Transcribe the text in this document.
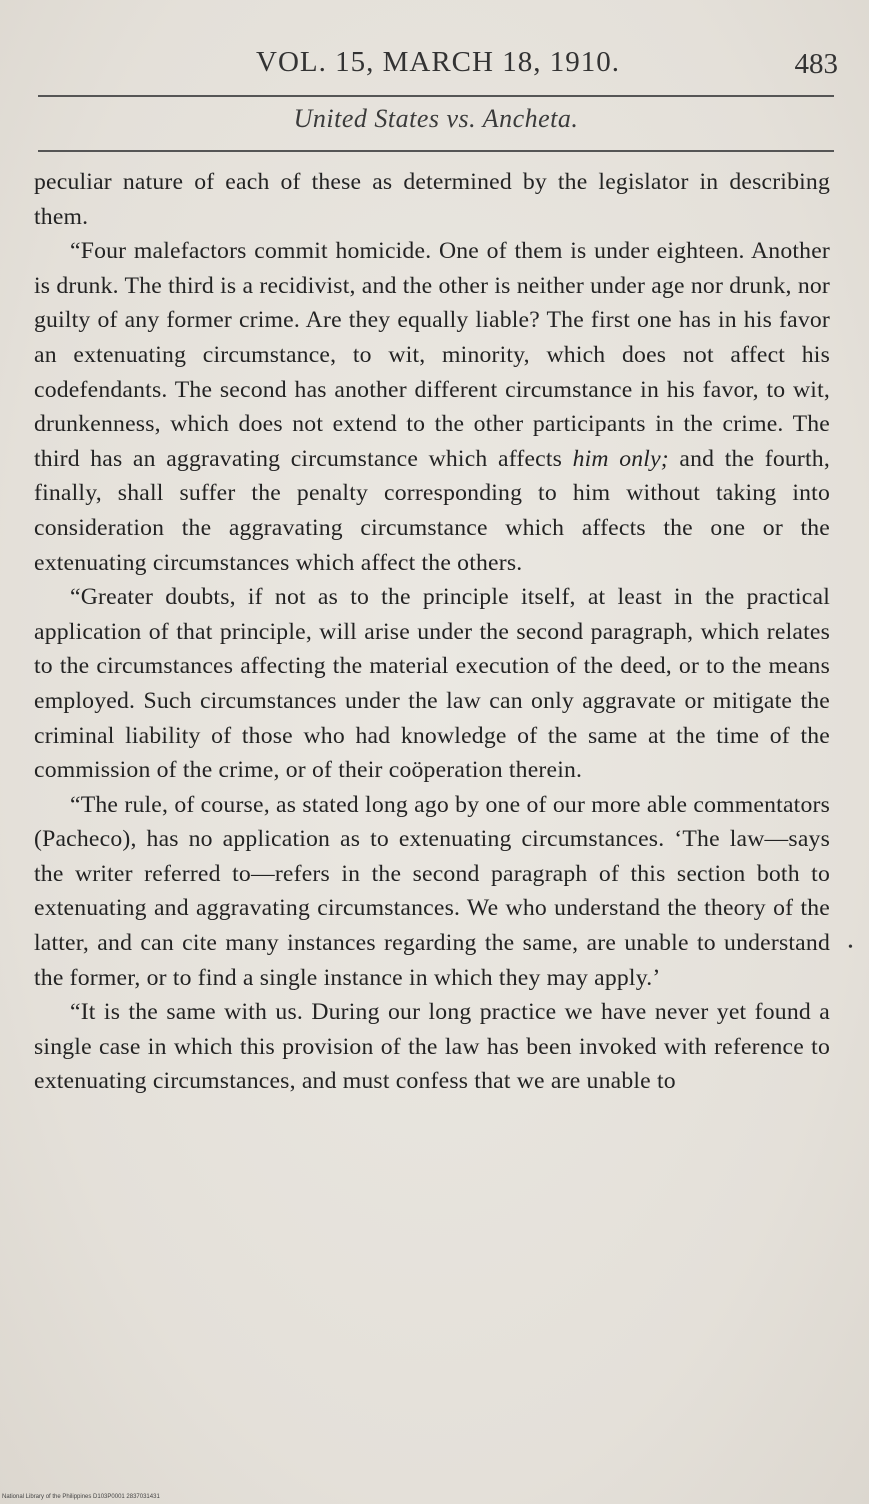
VOL. 15, MARCH 18, 1910.	483
United States vs. Ancheta.

peculiar nature of each of these as determined by the legislator in describing them.

“Four malefactors commit homicide. One of them is under eighteen. Another is drunk. The third is a recidivist, and the other is neither under age nor drunk, nor guilty of any former crime. Are they equally liable? The first one has in his favor an extenuating circumstance, to wit, minority, which does not affect his codefendants. The second has another different circumstance in his favor, to wit, drunkenness, which does not extend to the other participants in the crime. The third has an aggravating circumstance which affects him only; and the fourth, finally, shall suffer the penalty corresponding to him without taking into consideration the aggravating circumstance which affects the one or the extenuating circumstances which affect the others.

“Greater doubts, if not as to the principle itself, at least in the practical application of that principle, will arise under the second paragraph, which relates to the circumstances affecting the material execution of the deed, or to the means employed. Such circumstances under the law can only aggravate or mitigate the criminal liability of those who had knowledge of the same at the time of the commission of the crime, or of their coöperation therein.

“The rule, of course, as stated long ago by one of our more able commentators (Pacheco), has no application as to extenuating circumstances. ‘The law—says the writer referred to—refers in the second paragraph of this section both to extenuating and aggravating circumstances. We who understand the theory of the latter, and can cite many instances regarding the same, are unable to understand the former, or to find a single instance in which they may apply.’

“It is the same with us. During our long practice we have never yet found a single case in which this provision of the law has been invoked with reference to extenuating circumstances, and must confess that we are unable to

•
National Library of the Philippines D103P0001 2837031431
